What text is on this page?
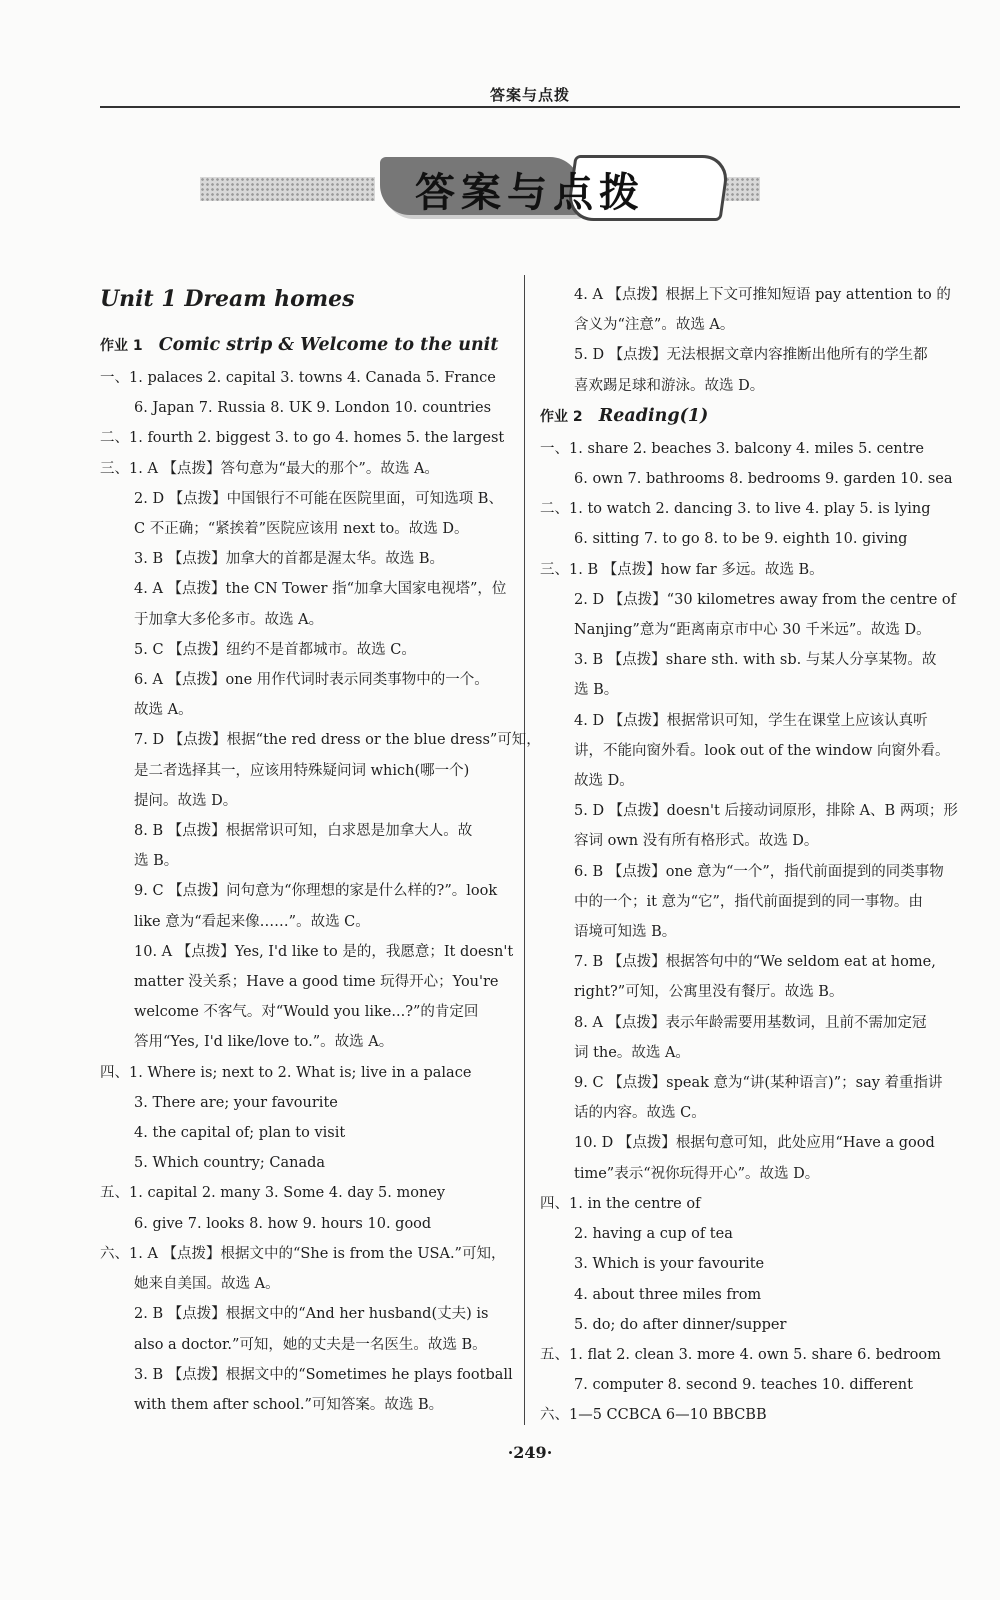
答案与点拨
答案与点拨
Unit 1 Dream homes
作业 1 Comic strip & Welcome to the unit
一、1. palaces 2. capital 3. towns 4. Canada 5. France
6. Japan 7. Russia 8. UK 9. London 10. countries
二、1. fourth 2. biggest 3. to go 4. homes 5. the largest
三、1. A 【点拨】答句意为“最大的那个”。故选 A。
2. D 【点拨】中国银行不可能在医院里面，可知选项 B、
C 不正确；“紧挨着”医院应该用 next to。故选 D。
3. B 【点拨】加拿大的首都是渥太华。故选 B。
4. A 【点拨】the CN Tower 指“加拿大国家电视塔”，位
于加拿大多伦多市。故选 A。
5. C 【点拨】纽约不是首都城市。故选 C。
6. A 【点拨】one 用作代词时表示同类事物中的一个。
故选 A。
7. D 【点拨】根据“the red dress or the blue dress”可知，
是二者选择其一，应该用特殊疑问词 which(哪一个)
提问。故选 D。
8. B 【点拨】根据常识可知，白求恩是加拿大人。故
选 B。
9. C 【点拨】问句意为“你理想的家是什么样的?”。look
like 意为“看起来像……”。故选 C。
10. A 【点拨】Yes, I'd like to 是的，我愿意；It doesn't
matter 没关系；Have a good time 玩得开心；You're
welcome 不客气。对“Would you like...?”的肯定回
答用“Yes, I'd like/love to.”。故选 A。
四、1. Where is; next to 2. What is; live in a palace
3. There are; your favourite
4. the capital of; plan to visit
5. Which country; Canada
五、1. capital 2. many 3. Some 4. day 5. money
6. give 7. looks 8. how 9. hours 10. good
六、1. A 【点拨】根据文中的“She is from the USA.”可知，
她来自美国。故选 A。
2. B 【点拨】根据文中的“And her husband(丈夫) is
also a doctor.”可知，她的丈夫是一名医生。故选 B。
3. B 【点拨】根据文中的“Sometimes he plays football
with them after school.”可知答案。故选 B。
4. A 【点拨】根据上下文可推知短语 pay attention to 的
含义为“注意”。故选 A。
5. D 【点拨】无法根据文章内容推断出他所有的学生都
喜欢踢足球和游泳。故选 D。
作业 2 Reading(1)
一、1. share 2. beaches 3. balcony 4. miles 5. centre
6. own 7. bathrooms 8. bedrooms 9. garden 10. sea
二、1. to watch 2. dancing 3. to live 4. play 5. is lying
6. sitting 7. to go 8. to be 9. eighth 10. giving
三、1. B 【点拨】how far 多远。故选 B。
2. D 【点拨】“30 kilometres away from the centre of
Nanjing”意为“距离南京市中心 30 千米远”。故选 D。
3. B 【点拨】share sth. with sb. 与某人分享某物。故
选 B。
4. D 【点拨】根据常识可知，学生在课堂上应该认真听
讲，不能向窗外看。look out of the window 向窗外看。
故选 D。
5. D 【点拨】doesn't 后接动词原形，排除 A、B 两项；形
容词 own 没有所有格形式。故选 D。
6. B 【点拨】one 意为“一个”，指代前面提到的同类事物
中的一个；it 意为“它”，指代前面提到的同一事物。由
语境可知选 B。
7. B 【点拨】根据答句中的“We seldom eat at home,
right?”可知，公寓里没有餐厅。故选 B。
8. A 【点拨】表示年龄需要用基数词，且前不需加定冠
词 the。故选 A。
9. C 【点拨】speak 意为“讲(某种语言)”；say 着重指讲
话的内容。故选 C。
10. D 【点拨】根据句意可知，此处应用“Have a good
time”表示“祝你玩得开心”。故选 D。
四、1. in the centre of
2. having a cup of tea
3. Which is your favourite
4. about three miles from
5. do; do after dinner/supper
五、1. flat 2. clean 3. more 4. own 5. share 6. bedroom
7. computer 8. second 9. teaches 10. different
六、1—5 CCBCA 6—10 BBCBB
·249·
